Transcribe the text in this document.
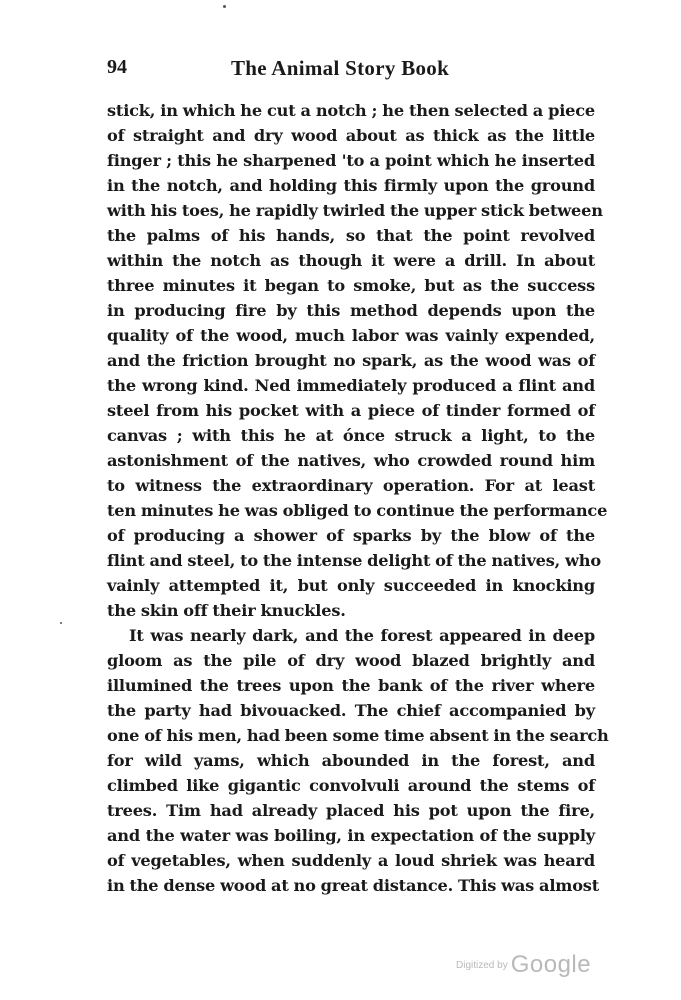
94	The Animal Story Book

stick, in which he cut a notch ; he then selected a piece
of straight and dry wood about as thick as the little
finger ; this he sharpened 'to a point which he inserted
in the notch, and holding this firmly upon the ground
with his toes, he rapidly twirled the upper stick between
the palms of his hands, so that the point revolved
within the notch as though it were a drill. In about
three minutes it began to smoke, but as the success
in producing fire by this method depends upon the
quality of the wood, much labor was vainly expended,
and the friction brought no spark, as the wood was of
the wrong kind. Ned immediately produced a flint and
steel from his pocket with a piece of tinder formed of
canvas ; with this he at ónce struck a light, to the
astonishment of the natives, who crowded round him
to witness the extraordinary operation. For at least
ten minutes he was obliged to continue the performance
of producing a shower of sparks by the blow of the
flint and steel, to the intense delight of the natives, who
vainly attempted it, but only succeeded in knocking
the skin off their knuckles.

It was nearly dark, and the forest appeared in deep
gloom as the pile of dry wood blazed brightly and
illumined the trees upon the bank of the river where
the party had bivouacked. The chief accompanied by
one of his men, had been some time absent in the search
for wild yams, which abounded in the forest, and
climbed like gigantic convolvuli around the stems of
trees. Tim had already placed his pot upon the fire,
and the water was boiling, in expectation of the supply
of vegetables, when suddenly a loud shriek was heard
in the dense wood at no great distance. This was almost

$^{Digitized by}$ Google
